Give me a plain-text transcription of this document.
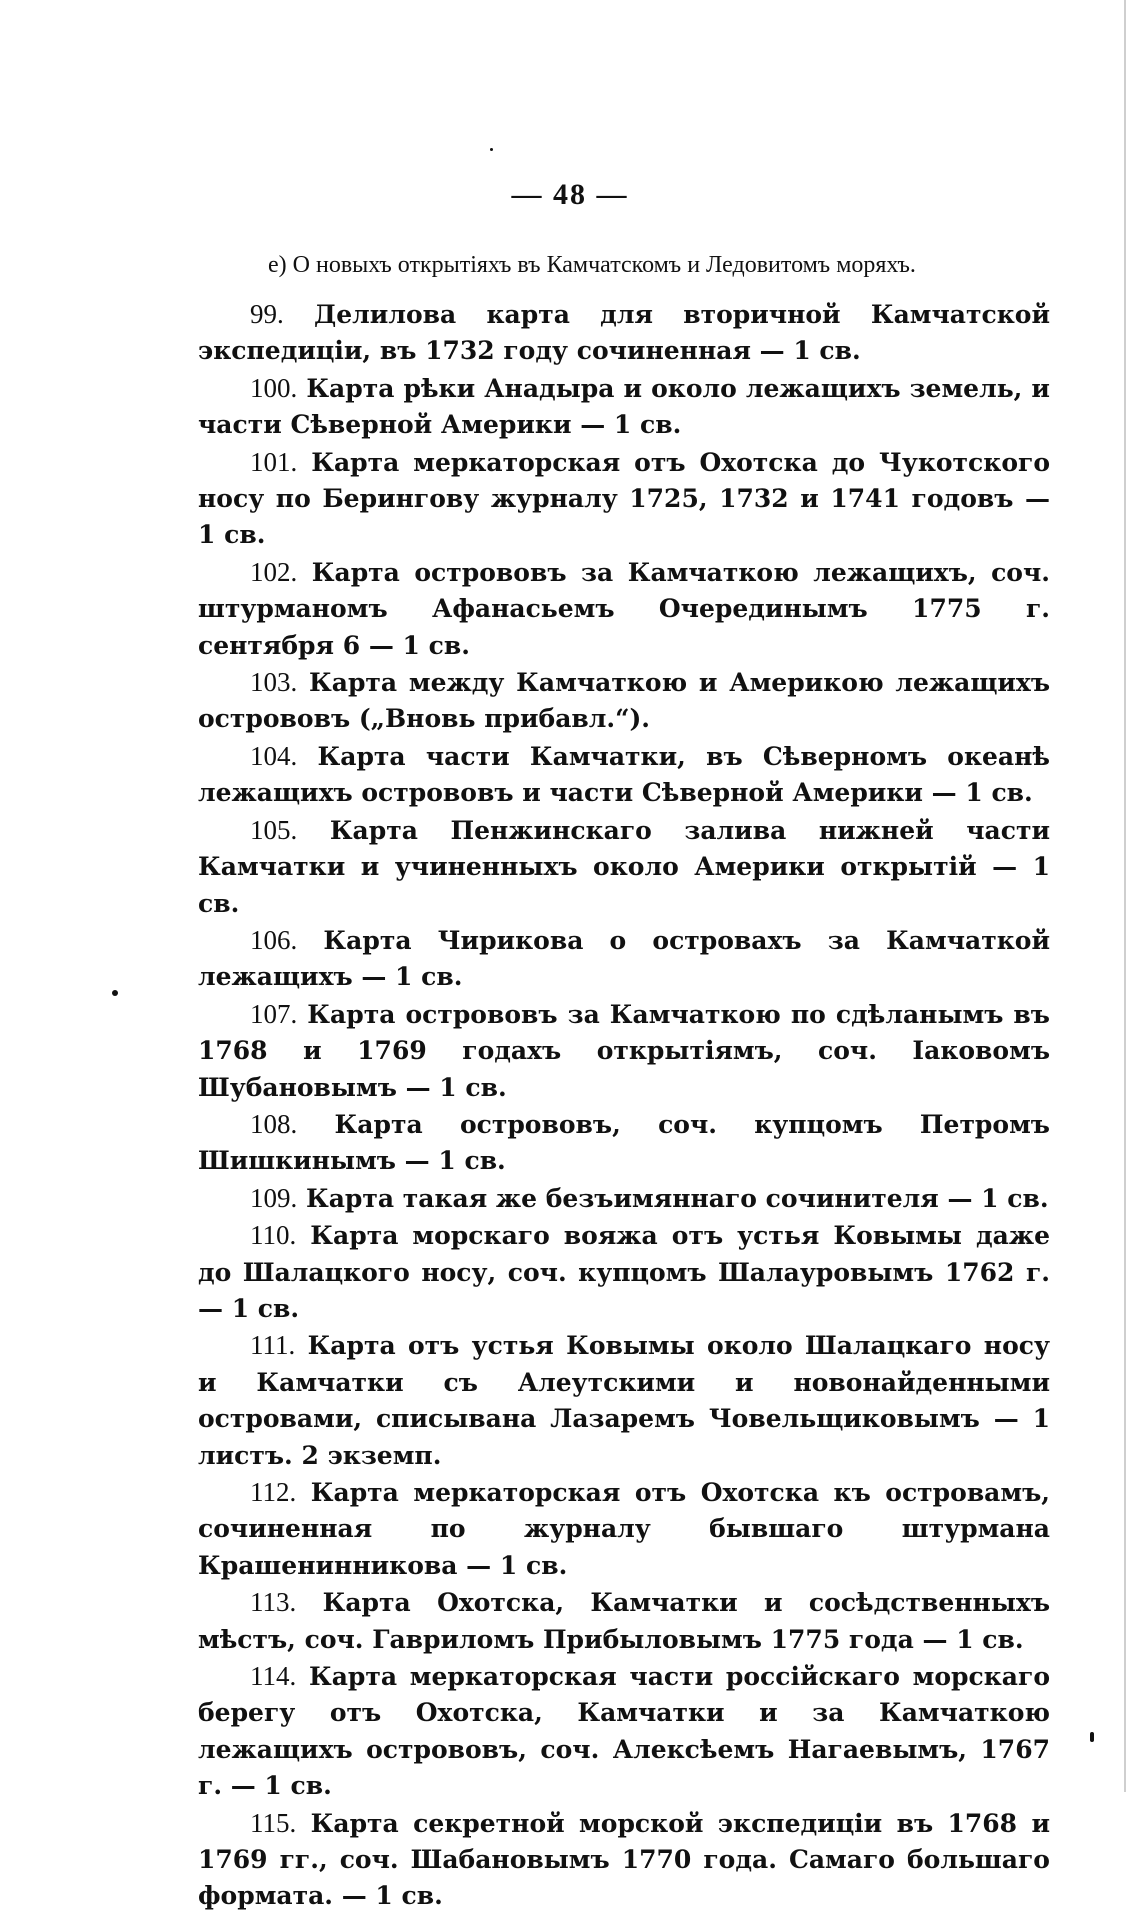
— 48 —
e) О новыхъ открытіяхъ въ Камчатскомъ и Ледовитомъ моряхъ.

99. Делилова карта для вторичной Камчатской экспедиціи, въ 1732 году сочиненная — 1 св.

100. Карта рѣки Анадыра и около лежащихъ земель, и части Сѣверной Америки — 1 св.

101. Карта меркаторская отъ Охотска до Чукотского носу по Берингову журналу 1725, 1732 и 1741 годовъ — 1 св.

102. Карта острововъ за Камчаткою лежащихъ, соч. штурманомъ Афанасьемъ Очерединымъ 1775 г. сентября 6 — 1 св.

103. Карта между Камчаткою и Америкою лежащихъ острововъ („Вновь прибавл.“).

104. Карта части Камчатки, въ Сѣверномъ океанѣ лежащихъ острововъ и части Сѣверной Америки — 1 св.

105. Карта Пенжинскаго залива нижней части Камчатки и учиненныхъ около Америки открытій — 1 св.

106. Карта Чирикова о островахъ за Камчаткой лежащихъ — 1 св.

107. Карта острововъ за Камчаткою по сдѣланымъ въ 1768 и 1769 годахъ открытіямъ, соч. Іаковомъ Шубановымъ — 1 св.

108. Карта острововъ, соч. купцомъ Петромъ Шишкинымъ — 1 св.

109. Карта такая же безъимяннаго сочинителя — 1 св.

110. Карта морскаго вояжа отъ устья Ковымы даже до Шалацкого носу, соч. купцомъ Шалауровымъ 1762 г. — 1 св.

111. Карта отъ устья Ковымы около Шалацкаго носу и Камчатки съ Алеутскими и новонайденными островами, списывана Лазаремъ Човельщиковымъ — 1 листъ. 2 экземп.

112. Карта меркаторская отъ Охотска къ островамъ, сочиненная по журналу бывшаго штурмана Крашенинникова — 1 св.

113. Карта Охотска, Камчатки и сосѣдственныхъ мѣстъ, соч. Гавриломъ Прибыловымъ 1775 года — 1 св.

114. Карта меркаторская части россійскаго морскаго берегу отъ Охотска, Камчатки и за Камчаткою лежащихъ острововъ, соч. Алексѣемъ Нагаевымъ, 1767 г. — 1 св.

115. Карта секретной морской экспедиціи въ 1768 и 1769 гг., соч. Шабановымъ 1770 года. Самаго большаго формата. — 1 св.
